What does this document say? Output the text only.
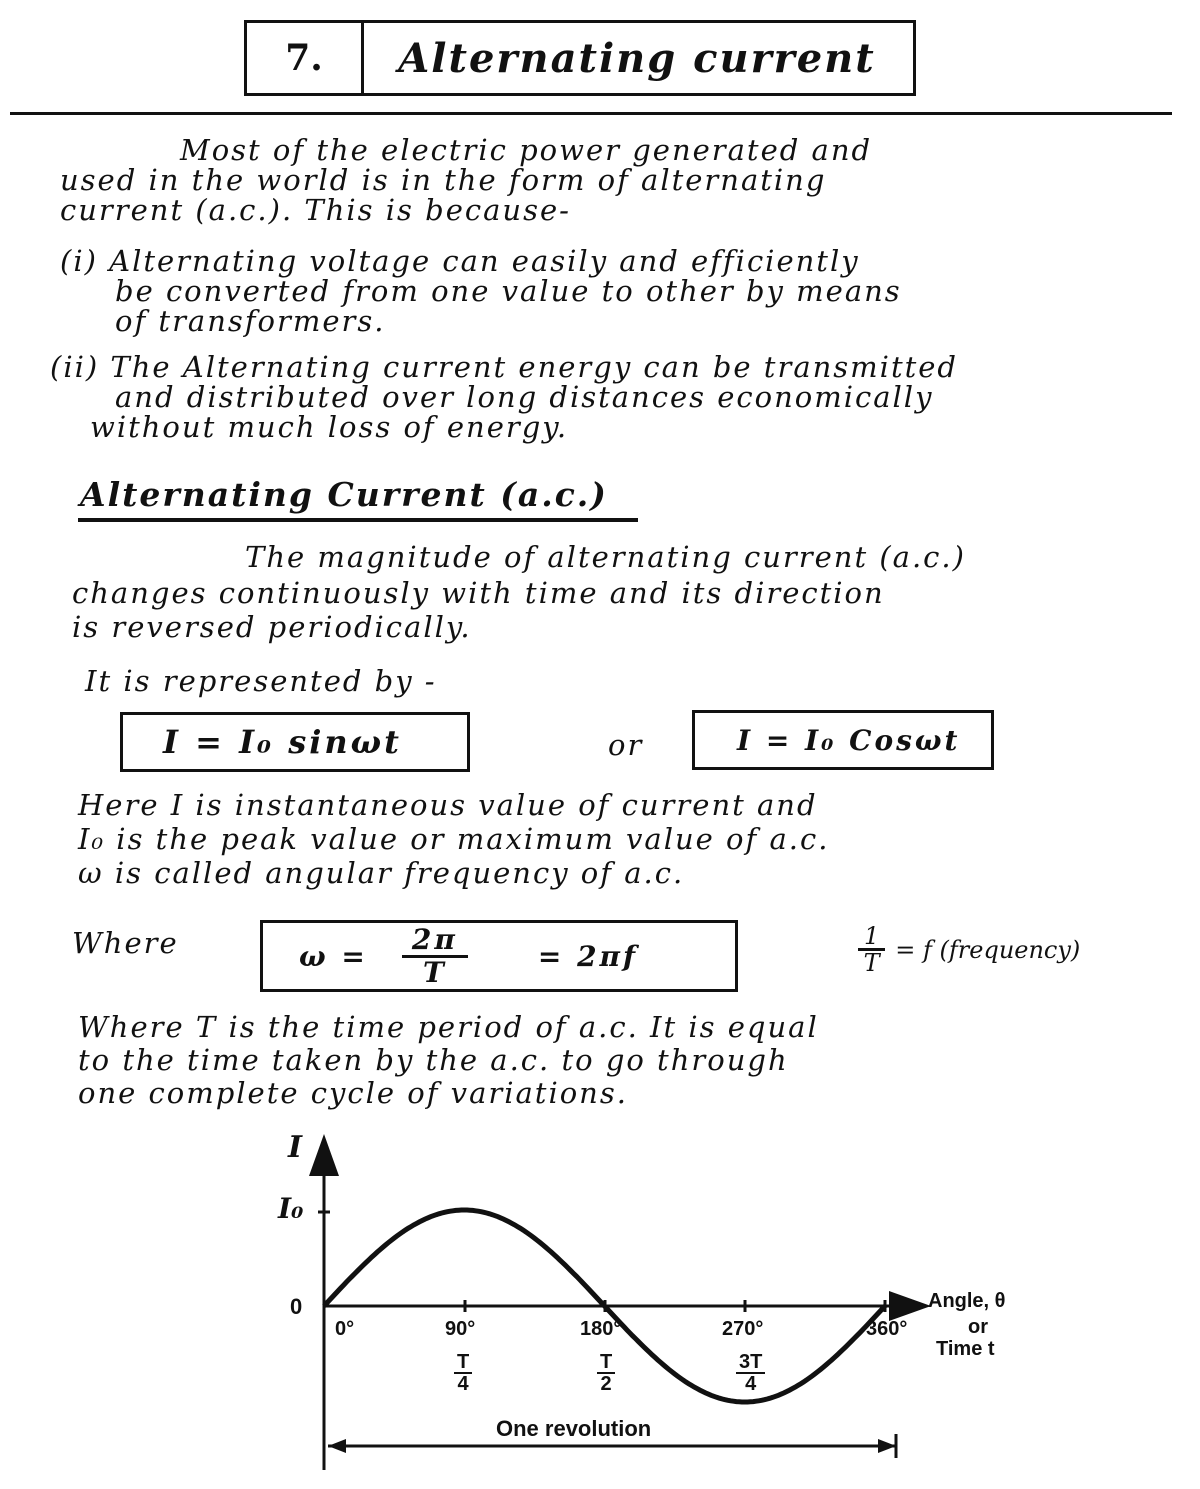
7.	Alternating current
Most of the electric power generated and
used in the world is in the form of alternating
current (a.c.). This is because-
(i) Alternating voltage can easily and efficiently
be converted from one value to other by means
of transformers.
(ii) The Alternating current energy can be transmitted
and distributed over long distances economically
without much loss of energy.
Alternating Current (a.c.)
The magnitude of alternating current (a.c.)
changes continuously with time and its direction
is reversed periodically.
It is represented by -
I = I₀ sinωt	or	I = I₀ Cosωt
Here I is instantaneous value of current and
I₀ is the peak value or maximum value of a.c.
ω is called angular frequency of a.c.
Where	$\omega = \frac{2\pi}{T}$	= 2πf	$\frac{1}{T} = f$ (frequency)
Where T is the time period of a.c. It is equal
to the time taken by the a.c. to go through
one complete cycle of variations.
I
I₀
0
0°	90°	180°	270°	360°
$\frac{T}{4}$	$\frac{T}{2}$	$\frac{3T}{4}$
Angle, θ
or
Time t
One revolution
